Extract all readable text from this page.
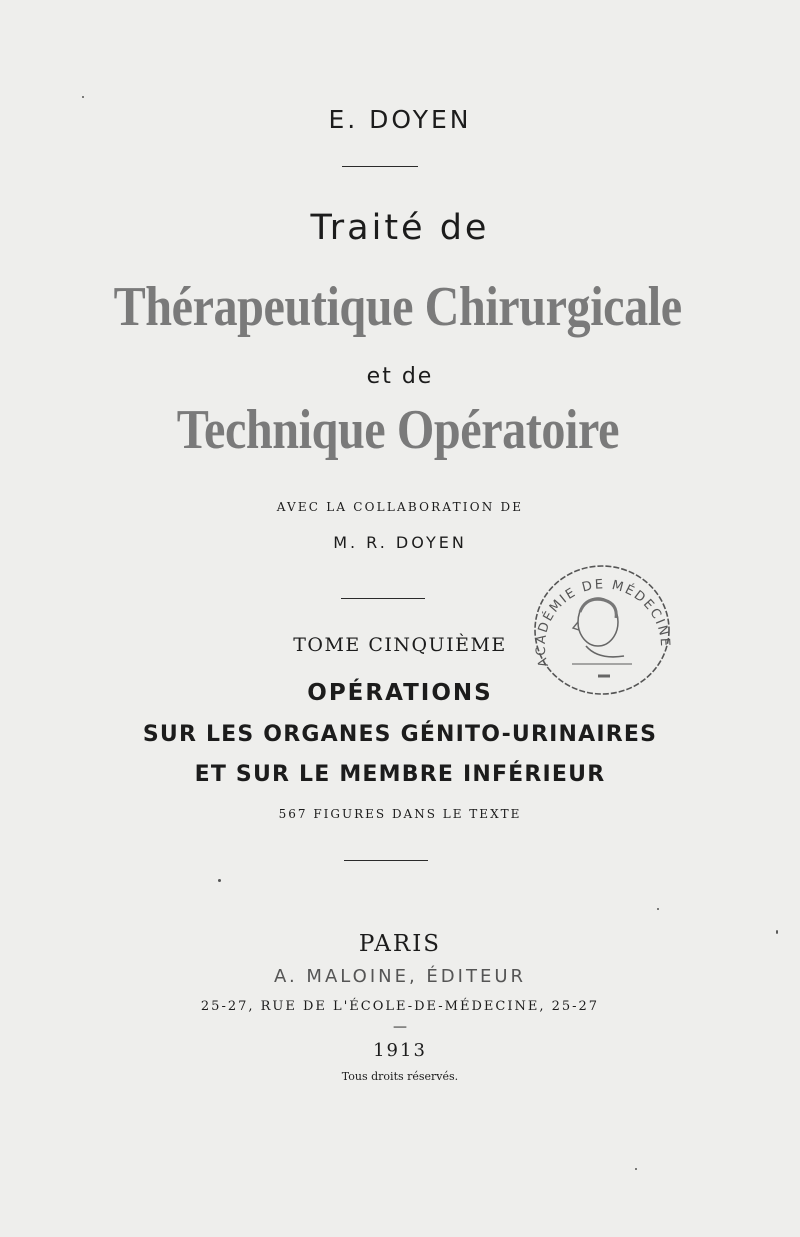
E. DOYEN
Traité de
Thérapeutique Chirurgicale
et de
Technique Opératoire
AVEC LA COLLABORATION DE
M. R. DOYEN
TOME CINQUIÈME
OPÉRATIONS
SUR LES ORGANES GÉNITO-URINAIRES
ET SUR LE MEMBRE INFÉRIEUR
567 FIGURES DANS LE TEXTE
PARIS
A. MALOINE, ÉDITEUR
25-27, RUE DE L'ÉCOLE-DE-MÉDECINE, 25-27
—
1913
Tous droits réservés.
ACADÉMIE DE MÉDECINE
